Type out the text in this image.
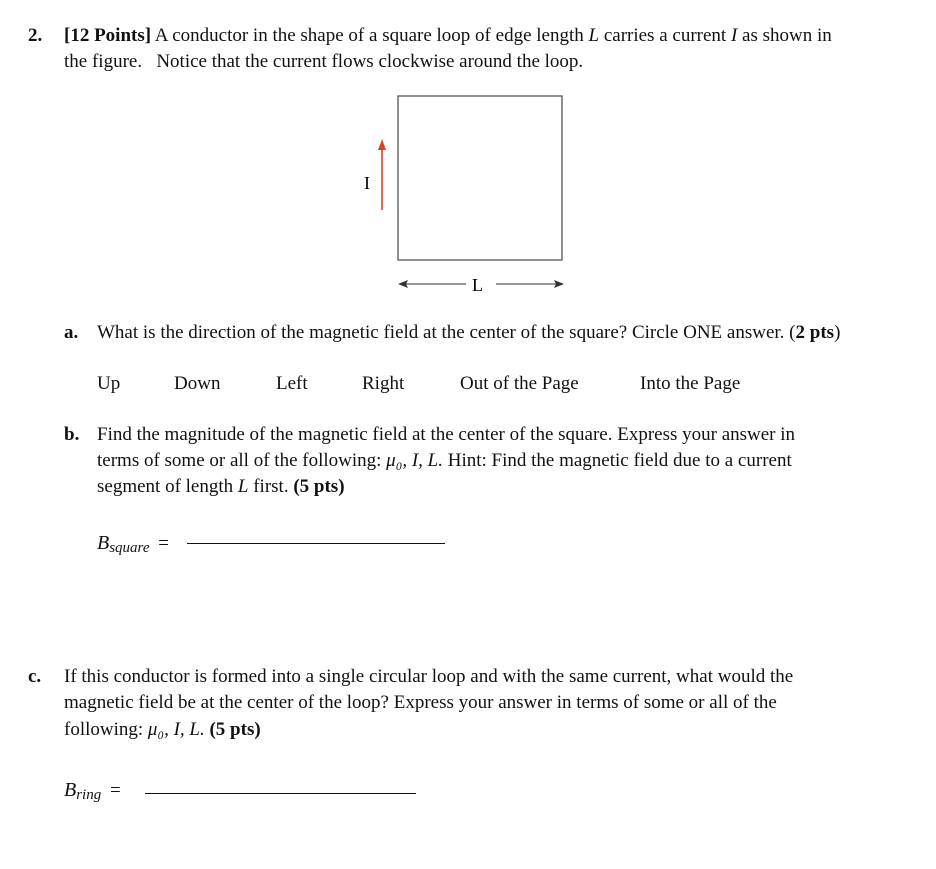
2. [12 Points] A conductor in the shape of a square loop of edge length L carries a current I as shown in
the figure.   Notice that the current flows clockwise around the loop.
I
L
a. What is the direction of the magnetic field at the center of the square? Circle ONE answer. (2 pts)
Up	Down	Left	Right	Out of the Page	Into the Page
b. Find the magnitude of the magnetic field at the center of the square. Express your answer in
terms of some or all of the following: μ₀, I, L. Hint: Find the magnetic field due to a current
segment of length L first. (5 pts)
Bsquare =
c. If this conductor is formed into a single circular loop and with the same current, what would the
magnetic field be at the center of the loop? Express your answer in terms of some or all of the
following: μ₀, I, L. (5 pts)
Bring =
